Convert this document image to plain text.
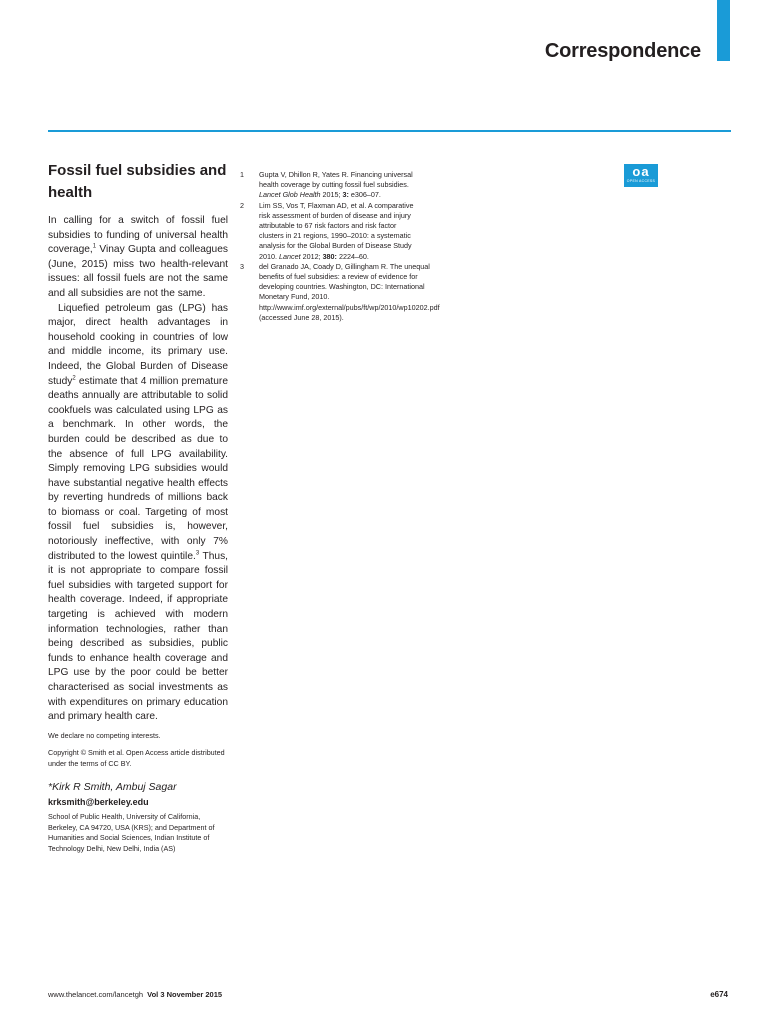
Correspondence
Fossil fuel subsidies and health

In calling for a switch of fossil fuel subsidies to funding of universal health coverage,$^1$ Vinay Gupta and colleagues (June, 2015) miss two health-relevant issues: all fossil fuels are not the same and all subsidies are not the same.

Liquefied petroleum gas (LPG) has major, direct health advantages in household cooking in countries of low and middle income, its primary use. Indeed, the Global Burden of Disease study$^2$ estimate that 4 million premature deaths annually are attributable to solid cookfuels was calculated using LPG as a benchmark. In other words, the burden could be described as due to the absence of full LPG availability. Simply removing LPG subsidies would have substantial negative health effects by reverting hundreds of millions back to biomass or coal. Targeting of most fossil fuel subsidies is, however, notoriously ineffective, with only 7% distributed to the lowest quintile.$^3$ Thus, it is not appropriate to compare fossil fuel subsidies with targeted support for health coverage. Indeed, if appropriate targeting is achieved with modern information technologies, rather than being described as subsidies, public funds to enhance health coverage and LPG use by the poor could be better characterised as social investments as with expenditures on primary education and primary health care.

We declare no competing interests.

Copyright © Smith et al. Open Access article distributed under the terms of CC BY.

*Kirk R Smith, Ambuj Sagar

krksmith@berkeley.edu

School of Public Health, University of California, Berkeley, CA 94720, USA (KRS); and Department of Humanities and Social Sciences, Indian Institute of Technology Delhi, New Delhi, India (AS)

1	Gupta V, Dhillon R, Yates R. Financing universal health coverage by cutting fossil fuel subsidies. Lancet Glob Health 2015; 3: e306–07.
2	Lim SS, Vos T, Flaxman AD, et al. A comparative risk assessment of burden of disease and injury attributable to 67 risk factors and risk factor clusters in 21 regions, 1990–2010: a systematic analysis for the Global Burden of Disease Study 2010. Lancet 2012; 380: 2224–60.
3	del Granado JA, Coady D, Gillingham R. The unequal benefits of fuel subsidies: a review of evidence for developing countries. Washington, DC: International Monetary Fund, 2010. http://www.imf.org/external/pubs/ft/wp/2010/wp10202.pdf (accessed June 28, 2015).
oa
OPEN ACCESS
www.thelancet.com/lancetgh Vol 3 November 2015	e674
